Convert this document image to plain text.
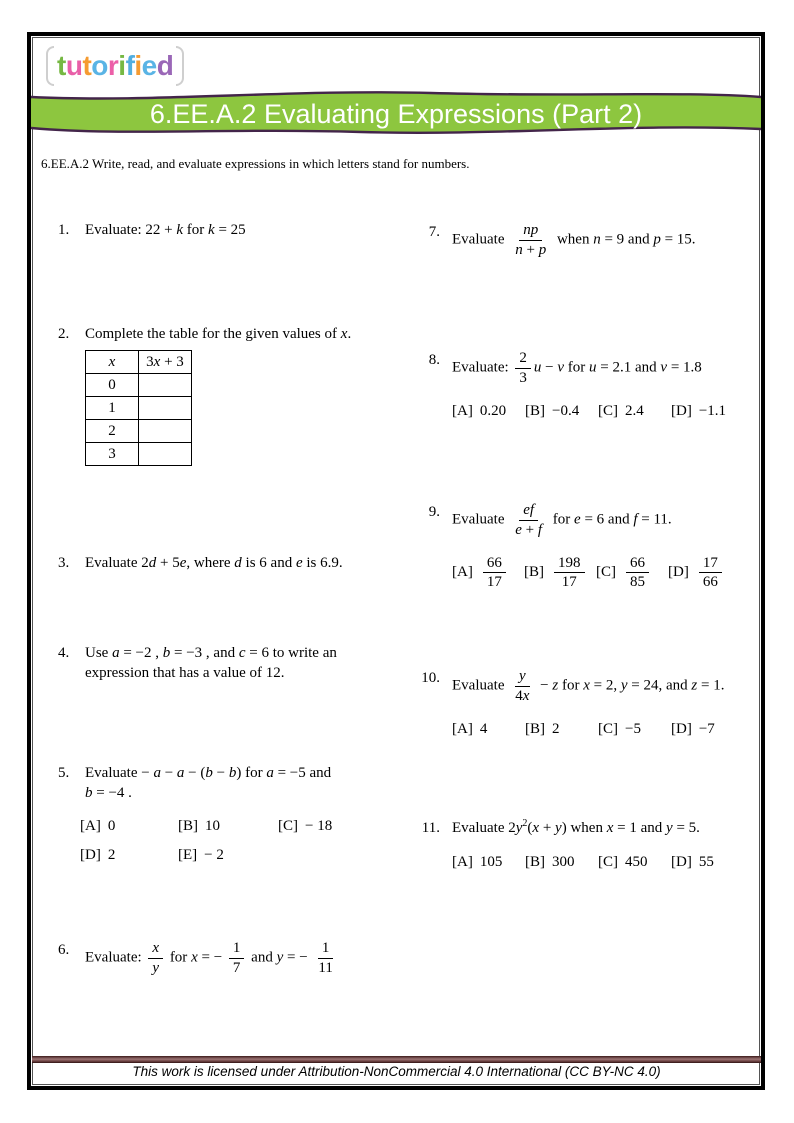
t u t o r i f i e d
6.EE.A.2 Evaluating Expressions (Part 2)
6.EE.A.2 Write, read, and evaluate expressions in which letters stand for numbers.
1. Evaluate: 22 + k for k = 25
2. Complete the table for the given values of x.
x	3x + 3
0	
1	
2	
3	
3. Evaluate 2d + 5e, where d is 6 and e is 6.9.
4. Use a = −2 , b = −3 , and c = 6 to write an
expression that has a value of 12.
5. Evaluate − a − a − (b − b) for a = −5 and
b = −4 .
[A] 0	[B] 10	[C] − 18
[D] 2	[E] − 2
6. Evaluate: $\frac{x}{y}$ for x = − $\frac{1}{7}$ and y = − $\frac{1}{11}$
7. Evaluate $\frac{np}{n + p}$ when n = 9 and p = 15.
8. Evaluate: $\frac{2}{3}$ u − v for u = 2.1 and v = 1.8
[A] 0.20	[B] −0.4	[C] 2.4	[D] −1.1
9. Evaluate $\frac{ef}{e + f}$ for e = 6 and f = 11.
$[A] \frac{66}{17} [B] \frac{198}{17} [C] \frac{66}{85} [D] \frac{17}{66}$
10. Evaluate $\frac{y}{4x} - z$ for x = 2, y = 24, and z = 1.
[A] 4	[B] 2	[C] −5	[D] −7
11. Evaluate $2y^2(x + y)$ when x = 1 and y = 5.
[A] 105	[B] 300	[C] 450	[D] 55
This work is licensed under Attribution-NonCommercial 4.0 International (CC BY-NC 4.0)
